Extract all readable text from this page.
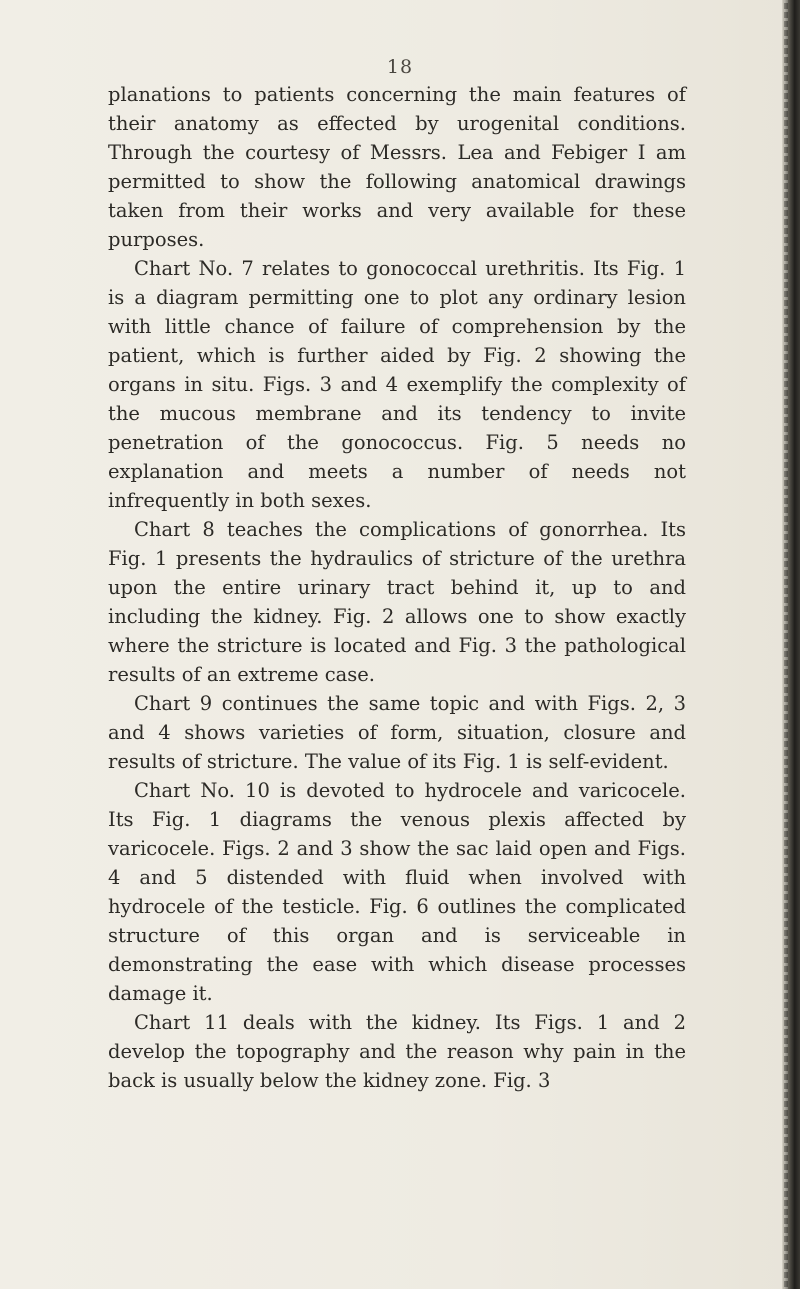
18

planations to patients concerning the main features of their anatomy as effected by urogenital conditions. Through the courtesy of Messrs. Lea and Febiger I am permitted to show the following anatomical drawings taken from their works and very available for these purposes.

Chart No. 7 relates to gonococcal urethritis. Its Fig. 1 is a diagram permitting one to plot any ordinary lesion with little chance of failure of comprehension by the patient, which is further aided by Fig. 2 showing the organs in situ. Figs. 3 and 4 exemplify the complexity of the mucous membrane and its tendency to invite penetration of the gonococcus. Fig. 5 needs no explanation and meets a number of needs not infrequently in both sexes.

Chart 8 teaches the complications of gonorrhea. Its Fig. 1 presents the hydraulics of stricture of the urethra upon the entire urinary tract behind it, up to and including the kidney. Fig. 2 allows one to show exactly where the stricture is located and Fig. 3 the pathological results of an extreme case.

Chart 9 continues the same topic and with Figs. 2, 3 and 4 shows varieties of form, situation, closure and results of stricture. The value of its Fig. 1 is self-evident.

Chart No. 10 is devoted to hydrocele and varicocele. Its Fig. 1 diagrams the venous plexis affected by varicocele. Figs. 2 and 3 show the sac laid open and Figs. 4 and 5 distended with fluid when involved with hydrocele of the testicle. Fig. 6 outlines the complicated structure of this organ and is serviceable in demonstrating the ease with which disease processes damage it.

Chart 11 deals with the kidney. Its Figs. 1 and 2 develop the topography and the reason why pain in the back is usually below the kidney zone. Fig. 3
